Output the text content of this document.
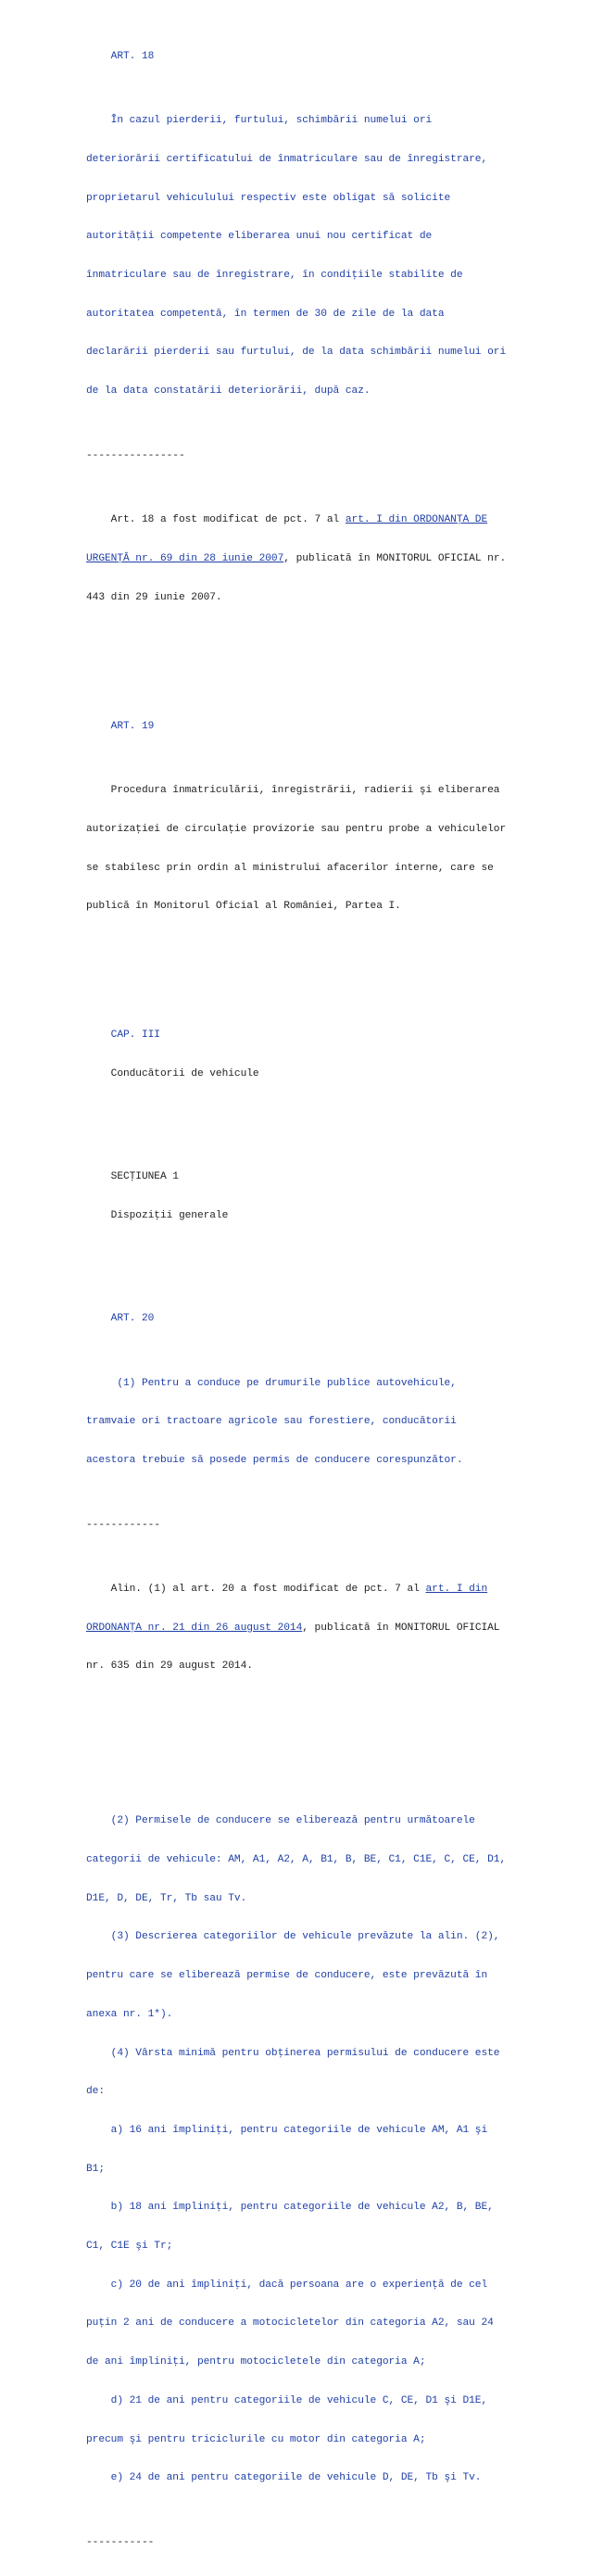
ART. 18

În cazul pierderii, furtului, schimbării numelui ori

deteriorării certificatului de înmatriculare sau de înregistrare,

proprietarul vehiculului respectiv este obligat să solicite

autorităţii competente eliberarea unui nou certificat de

înmatriculare sau de înregistrare, în condiţiile stabilite de

autoritatea competentă, în termen de 30 de zile de la data

declarării pierderii sau furtului, de la data schimbării numelui ori

de la data constatării deteriorării, după caz.

----------------

Art. 18 a fost modificat de pct. 7 al art. I din ORDONANŢA DE

URGENŢĂ nr. 69 din 28 iunie 2007, publicată în MONITORUL OFICIAL nr.

443 din 29 iunie 2007.

ART. 19

Procedura înmatriculării, înregistrării, radierii şi eliberarea

autorizaţiei de circulaţie provizorie sau pentru probe a vehiculelor

se stabilesc prin ordin al ministrului afacerilor interne, care se

publică în Monitorul Oficial al României, Partea I.

CAP. III

Conducătorii de vehicule

SECŢIUNEA 1

Dispoziţii generale

ART. 20

(1) Pentru a conduce pe drumurile publice autovehicule,

tramvaie ori tractoare agricole sau forestiere, conducătorii

acestora trebuie să posede permis de conducere corespunzător.

------------

Alin. (1) al art. 20 a fost modificat de pct. 7 al art. I din

ORDONANŢA nr. 21 din 26 august 2014, publicată în MONITORUL OFICIAL

nr. 635 din 29 august 2014.

(2) Permisele de conducere se eliberează pentru următoarele

categorii de vehicule: AM, A1, A2, A, B1, B, BE, C1, C1E, C, CE, D1,

D1E, D, DE, Tr, Tb sau Tv.

(3) Descrierea categoriilor de vehicule prevăzute la alin. (2),

pentru care se eliberează permise de conducere, este prevăzută în

anexa nr. 1*).

(4) Vârsta minimă pentru obţinerea permisului de conducere este

de:

a) 16 ani împliniţi, pentru categoriile de vehicule AM, A1 şi

B1;

b) 18 ani împliniţi, pentru categoriile de vehicule A2, B, BE,

C1, C1E şi Tr;

c) 20 de ani împliniţi, dacă persoana are o experienţă de cel

puţin 2 ani de conducere a motocicletelor din categoria A2, sau 24

de ani împliniţi, pentru motocicletele din categoria A;

d) 21 de ani pentru categoriile de vehicule C, CE, D1 şi D1E,

precum şi pentru triciclurile cu motor din categoria A;

e) 24 de ani pentru categoriile de vehicule D, DE, Tb şi Tv.

-----------
